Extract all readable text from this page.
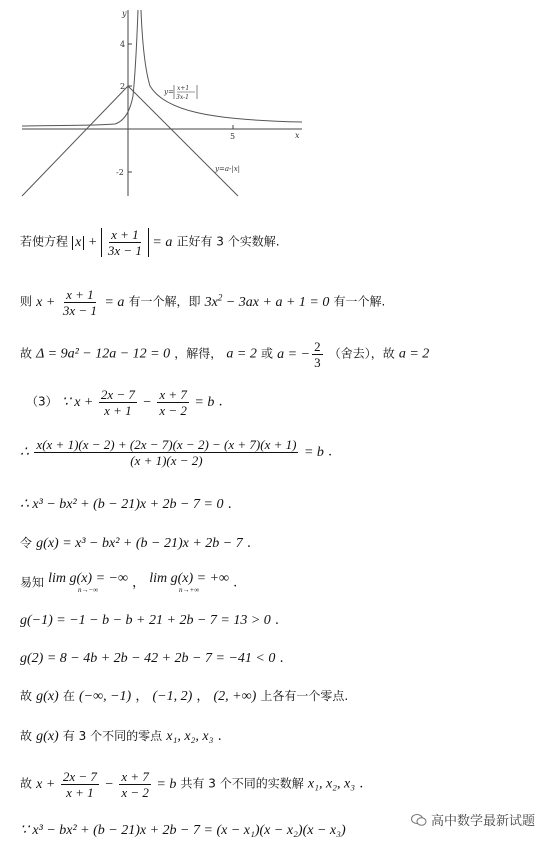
y
x
4
2
-2
5
y= x+1
3x-1
y=a-|x|
若使方程 $x + \frac{x + 1}{3x - 1} = a$ 正好有 3 个实数解.
则 $x + \frac{x + 1}{3x - 1} = a$ 有一个解，即 $3x^2 - 3ax + a + 1 = 0$ 有一个解.
故 Δ = 9a² − 12a − 12 = 0 ，解得， a = 2 或 a = − $\frac{2}{3}$ （舍去），故 a = 2
（3） ∵ $x + \frac{2x - 7}{x + 1} - \frac{x + 7}{x - 2} = b$ .
∴ $\frac{x(x + 1)(x - 2) + (2x - 7)(x - 2) - (x + 7)(x + 1)}{(x + 1)(x - 2)} = b$ .
∴ x³ − bx² + (b − 21)x + 2b − 7 = 0 .
令 g(x) = x³ − bx² + (b − 21)x + 2b − 7 .
易知 lim g(x) = −∞
n→−∞ ， lim g(x) = +∞
n→+∞ .
g(−1) = −1 − b − b + 21 + 2b − 7 = 13 > 0 .
g(2) = 8 − 4b + 2b − 42 + 2b − 7 = −41 < 0 .
故 g(x) 在 (−∞, −1) ， (−1, 2) ， (2, +∞) 上各有一个零点.
故 g(x) 有 3 个不同的零点 x₁, x₂, x₃ .
故 $x + \frac{2x - 7}{x + 1} - \frac{x + 7}{x - 2} = b$ 共有 3 个不同的实数解 x₁, x₂, x₃ .
∵ x³ − bx² + (b − 21)x + 2b − 7 = (x − x₁)(x − x₂)(x − x₃)
高中数学最新试题
